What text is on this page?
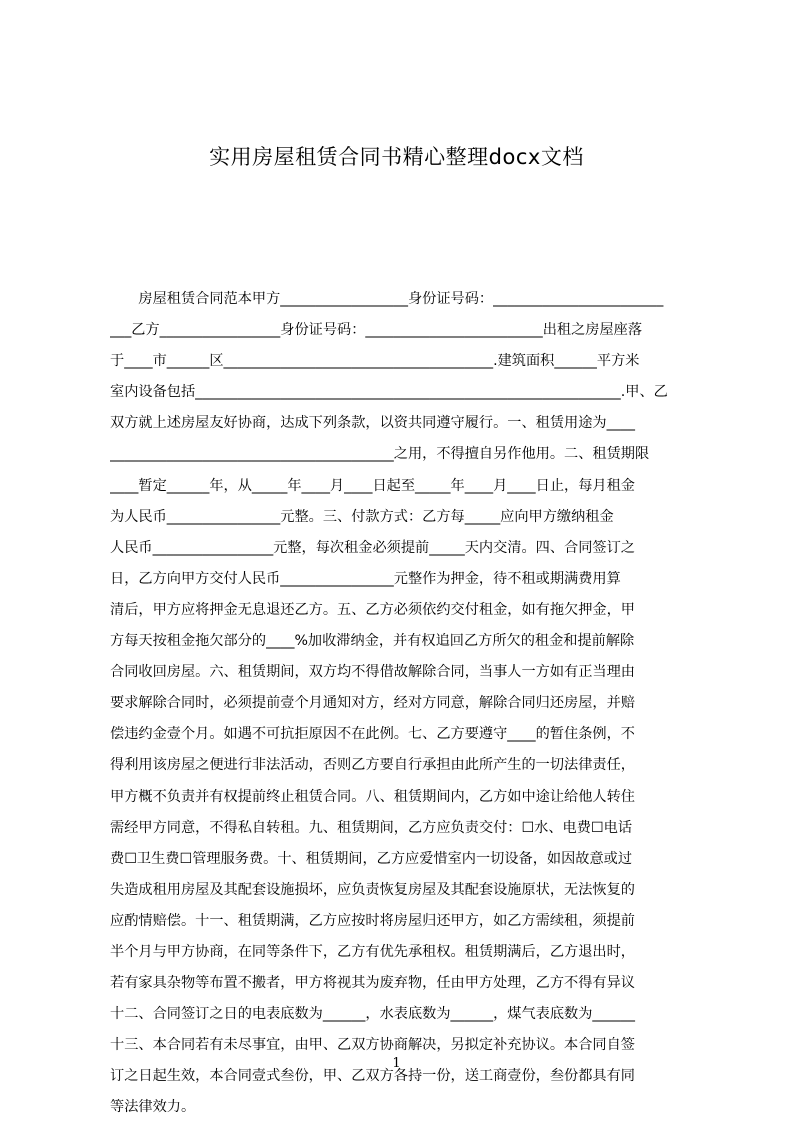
实用房屋租赁合同书精心整理docx文档
　　房屋租赁合同范本甲方__________________身份证号码：________________________
___乙方_________________身份证号码：_________________________出租之房屋座落
于____市______区______________________________________.建筑面积______平方米
室内设备包括____________________________________________________________.甲、乙
双方就上述房屋友好协商，达成下列条款，以资共同遵守履行。一、租赁用途为____
________________________________________之用，不得擅自另作他用。二、租赁期限
____暂定______年，从_____年____月____日起至_____年____月____日止，每月租金
为人民币________________元整。三、付款方式：乙方每_____应向甲方缴纳租金
人民币_________________元整，每次租金必须提前_____天内交清。四、合同签订之
日，乙方向甲方交付人民币________________元整作为押金，待不租或期满费用算
清后，甲方应将押金无息退还乙方。五、乙方必须依约交付租金，如有拖欠押金，甲
方每天按租金拖欠部分的____%加收滞纳金，并有权追回乙方所欠的租金和提前解除
合同收回房屋。六、租赁期间，双方均不得借故解除合同，当事人一方如有正当理由
要求解除合同时，必须提前壹个月通知对方，经对方同意，解除合同归还房屋，并赔
偿违约金壹个月。如遇不可抗拒原因不在此例。七、乙方要遵守____的暂住条例，不
得利用该房屋之便进行非法活动，否则乙方要自行承担由此所产生的一切法律责任，
甲方概不负责并有权提前终止租赁合同。八、租赁期间内，乙方如中途让给他人转住
需经甲方同意，不得私自转租。九、租赁期间，乙方应负责交付：☐水、电费☐电话
费☐卫生费☐管理服务费。十、租赁期间，乙方应爱惜室内一切设备，如因故意或过
失造成租用房屋及其配套设施损坏，应负责恢复房屋及其配套设施原状，无法恢复的
应酌情赔偿。十一、租赁期满，乙方应按时将房屋归还甲方，如乙方需续租，须提前
半个月与甲方协商，在同等条件下，乙方有优先承租权。租赁期满后，乙方退出时，
若有家具杂物等布置不搬者，甲方将视其为废弃物，任由甲方处理，乙方不得有异议
十二、合同签订之日的电表底数为______，水表底数为______，煤气表底数为______
十三、本合同若有未尽事宜，由甲、乙双方协商解决，另拟定补充协议。本合同自签
订之日起生效，本合同壹式叁份，甲、乙双方各持一份，送工商壹份，叁份都具有同
等法律效力。
1
